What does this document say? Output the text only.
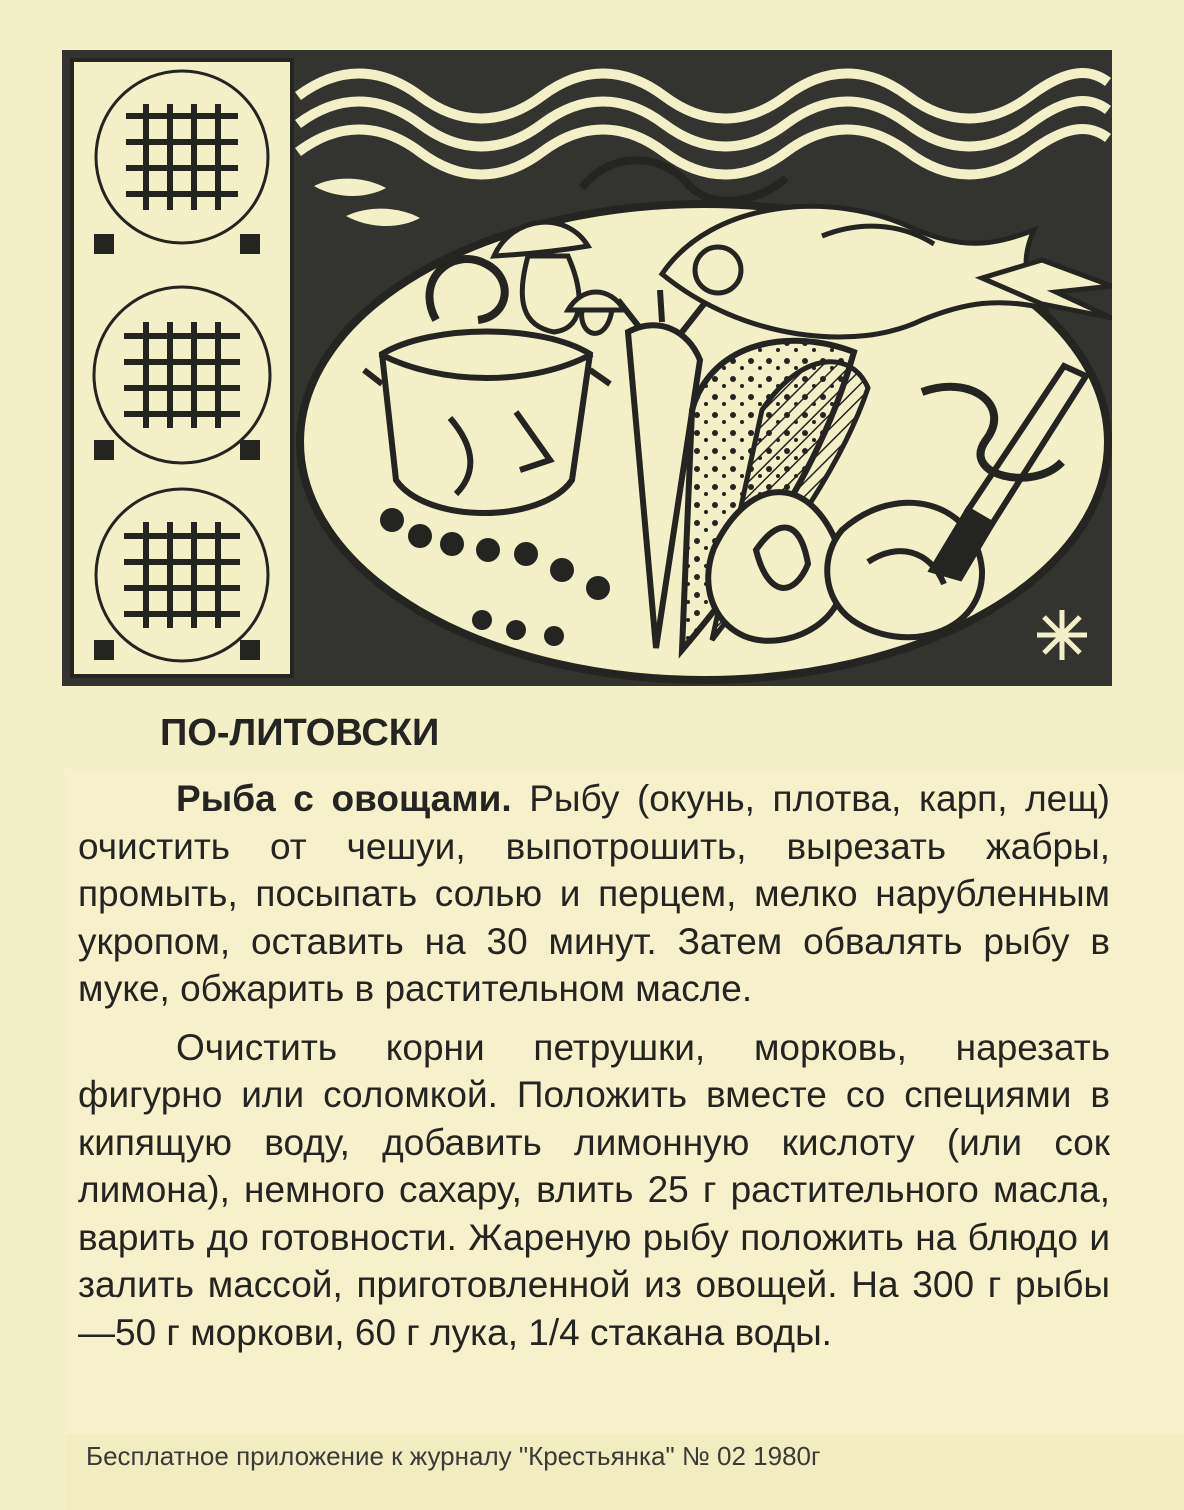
ПО-ЛИТОВСКИ

Рыба с овощами. Рыбу (окунь, плотва, карп, лещ) очистить от чешуи, выпотрошить, вырезать жабры, промыть, посыпать солью и перцем, мелко нарубленным укропом, оставить на 30 минут. Затем обвалять рыбу в муке, обжарить в растительном масле.

Очистить корни петрушки, морковь, нарезать фигурно или соломкой. Положить вместе со специями в кипящую воду, добавить лимонную кислоту (или сок лимона), немного сахару, влить 25 г растительного масла, варить до готовности. Жареную рыбу положить на блюдо и залить массой, приготовленной из овощей. На 300 г рыбы —50 г моркови, 60 г лука, 1/4 стакана воды.

Бесплатное приложение к журналу "Крестьянка" № 02 1980г
